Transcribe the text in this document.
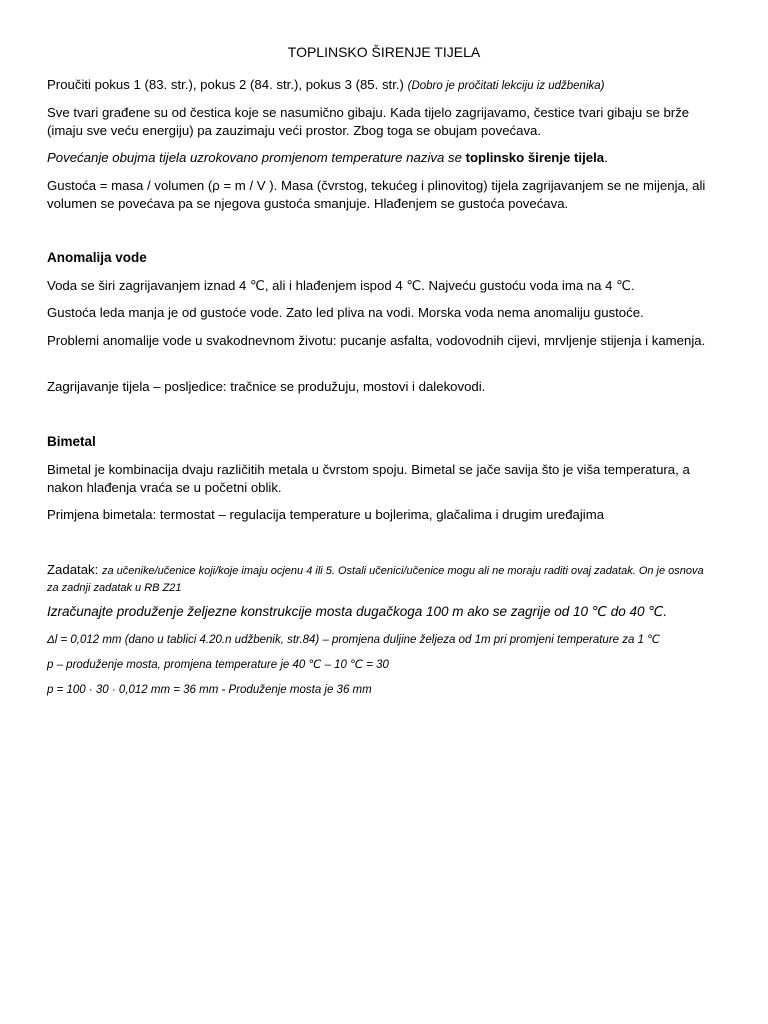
TOPLINSKO ŠIRENJE TIJELA

Proučiti pokus 1 (83. str.), pokus 2 (84. str.), pokus 3 (85. str.) (Dobro je pročitati lekciju iz udžbenika)

Sve tvari građene su od čestica koje se nasumično gibaju. Kada tijelo zagrijavamo, čestice tvari gibaju se brže (imaju sve veću energiju) pa zauzimaju veći prostor. Zbog toga se obujam povećava.

Povećanje obujma tijela uzrokovano promjenom temperature naziva se toplinsko širenje tijela.

Gustoća = masa / volumen (ρ = m / V ). Masa (čvrstog, tekućeg i plinovitog) tijela zagrijavanjem se ne mijenja, ali volumen se povećava pa se njegova gustoća smanjuje. Hlađenjem se gustoća povećava.

Anomalija vode

Voda se širi zagrijavanjem iznad 4 ℃, ali i hlađenjem ispod 4 ℃. Najveću gustoću voda ima na 4 ℃.

Gustoća leda manja je od gustoće vode. Zato led pliva na vodi. Morska voda nema anomaliju gustoće.

Problemi anomalije vode u svakodnevnom životu: pucanje asfalta, vodovodnih cijevi, mrvljenje stijenja i kamenja.

Zagrijavanje tijela – posljedice: tračnice se produžuju, mostovi i dalekovodi.

Bimetal

Bimetal je kombinacija dvaju različitih metala u čvrstom spoju. Bimetal se jače savija što je viša temperatura, a nakon hlađenja vraća se u početni oblik.

Primjena bimetala: termostat – regulacija temperature u bojlerima, glačalima i drugim uređajima

Zadatak: za učenike/učenice koji/koje imaju ocjenu 4 ili 5. Ostali učenici/učenice mogu ali ne moraju raditi ovaj zadatak. On je osnova za zadnji zadatak u RB Z21

Izračunajte produženje željezne konstrukcije mosta dugačkoga 100 m ako se zagrije od 10 ℃ do 40 ℃.

Δl = 0,012 mm (dano u tablici 4.20.n udžbenik, str.84) – promjena duljine željeza od 1m pri promjeni temperature za 1 ℃

p – produženje mosta, promjena temperature je 40 ℃ – 10 ℃ = 30

p = 100 · 30 · 0,012 mm = 36 mm - Produženje mosta je 36 mm
